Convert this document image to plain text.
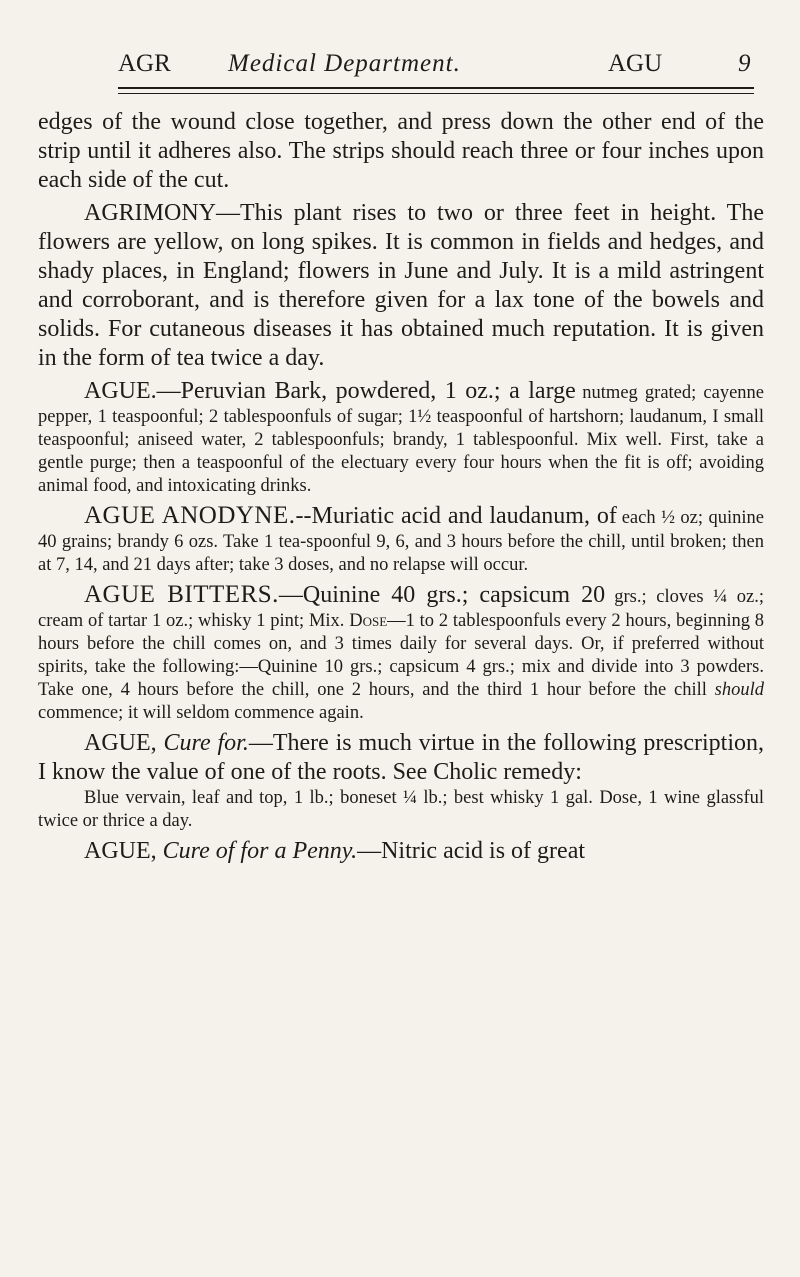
AGR Medical Department.	AGU	9

edges of the wound close together, and press down the other end of the strip until it adheres also. The strips should reach three or four inches upon each side of the cut.

AGRIMONY—This plant rises to two or three feet in height. The flowers are yellow, on long spikes. It is common in fields and hedges, and shady places, in England; flowers in June and July. It is a mild astringent and corroborant, and is therefore given for a lax tone of the bowels and solids. For cutaneous diseases it has obtained much reputation. It is given in the form of tea twice a day.

AGUE.—Peruvian Bark, powdered, 1 oz.; a large nutmeg grated; cayenne pepper, 1 teaspoonful; 2 tablespoonfuls of sugar; 1½ teaspoonful of hartshorn; laudanum, I small teaspoonful; aniseed water, 2 tablespoonfuls; brandy, 1 tablespoonful. Mix well. First, take a gentle purge; then a teaspoonful of the electuary every four hours when the fit is off; avoiding animal food, and intoxicating drinks.

AGUE ANODYNE.--Muriatic acid and laudanum, of each ½ oz; quinine 40 grains; brandy 6 ozs. Take 1 tea-spoonful 9, 6, and 3 hours before the chill, until broken; then at 7, 14, and 21 days after; take 3 doses, and no relapse will occur.

AGUE BITTERS.—Quinine 40 grs.; capsicum 20 grs.; cloves ¼ oz.; cream of tartar 1 oz.; whisky 1 pint; Mix. Dose—1 to 2 tablespoonfuls every 2 hours, beginning 8 hours before the chill comes on, and 3 times daily for several days. Or, if preferred without spirits, take the following:—Quinine 10 grs.; capsicum 4 grs.; mix and divide into 3 powders. Take one, 4 hours before the chill, one 2 hours, and the third 1 hour before the chill should commence; it will seldom commence again.

AGUE, Cure for.—There is much virtue in the following prescription, I know the value of one of the roots. See Cholic remedy:

Blue vervain, leaf and top, 1 lb.; boneset ¼ lb.; best whisky 1 gal. Dose, 1 wine glassful twice or thrice a day.

AGUE, Cure of for a Penny.—Nitric acid is of great
